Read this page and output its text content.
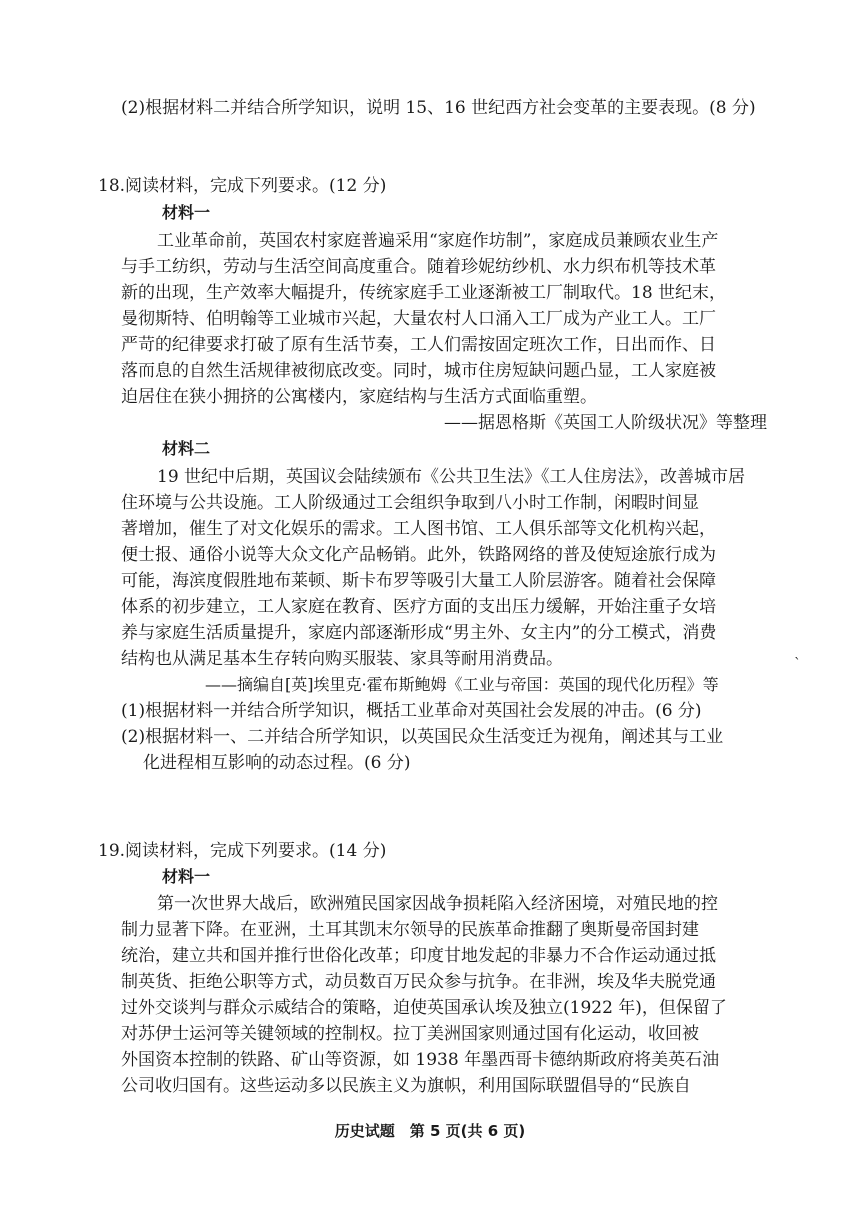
(2)根据材料二并结合所学知识，说明 15、16 世纪西方社会变革的主要表现。(8 分)
18.阅读材料，完成下列要求。(12 分)
材料一
工业革命前，英国农村家庭普遍采用“家庭作坊制”，家庭成员兼顾农业生产
与手工纺织，劳动与生活空间高度重合。随着珍妮纺纱机、水力织布机等技术革
新的出现，生产效率大幅提升，传统家庭手工业逐渐被工厂制取代。18 世纪末，
曼彻斯特、伯明翰等工业城市兴起，大量农村人口涌入工厂成为产业工人。工厂
严苛的纪律要求打破了原有生活节奏，工人们需按固定班次工作，日出而作、日
落而息的自然生活规律被彻底改变。同时，城市住房短缺问题凸显，工人家庭被
迫居住在狭小拥挤的公寓楼内，家庭结构与生活方式面临重塑。
——据恩格斯《英国工人阶级状况》等整理
材料二
19 世纪中后期，英国议会陆续颁布《公共卫生法》《工人住房法》，改善城市居
住环境与公共设施。工人阶级通过工会组织争取到八小时工作制，闲暇时间显
著增加，催生了对文化娱乐的需求。工人图书馆、工人俱乐部等文化机构兴起，
便士报、通俗小说等大众文化产品畅销。此外，铁路网络的普及使短途旅行成为
可能，海滨度假胜地布莱顿、斯卡布罗等吸引大量工人阶层游客。随着社会保障
体系的初步建立，工人家庭在教育、医疗方面的支出压力缓解，开始注重子女培
养与家庭生活质量提升，家庭内部逐渐形成“男主外、女主内”的分工模式，消费
结构也从满足基本生存转向购买服装、家具等耐用消费品。
——摘编自[英]埃里克·霍布斯鲍姆《工业与帝国：英国的现代化历程》等
`
(1)根据材料一并结合所学知识，概括工业革命对英国社会发展的冲击。(6 分)
(2)根据材料一、二并结合所学知识，以英国民众生活变迁为视角，阐述其与工业
化进程相互影响的动态过程。(6 分)
19.阅读材料，完成下列要求。(14 分)
材料一
第一次世界大战后，欧洲殖民国家因战争损耗陷入经济困境，对殖民地的控
制力显著下降。在亚洲，土耳其凯末尔领导的民族革命推翻了奥斯曼帝国封建
统治，建立共和国并推行世俗化改革；印度甘地发起的非暴力不合作运动通过抵
制英货、拒绝公职等方式，动员数百万民众参与抗争。在非洲，埃及华夫脱党通
过外交谈判与群众示威结合的策略，迫使英国承认埃及独立(1922 年)，但保留了
对苏伊士运河等关键领域的控制权。拉丁美洲国家则通过国有化运动，收回被
外国资本控制的铁路、矿山等资源，如 1938 年墨西哥卡德纳斯政府将美英石油
公司收归国有。这些运动多以民族主义为旗帜，利用国际联盟倡导的“民族自
历史试题　第 5 页(共 6 页)
